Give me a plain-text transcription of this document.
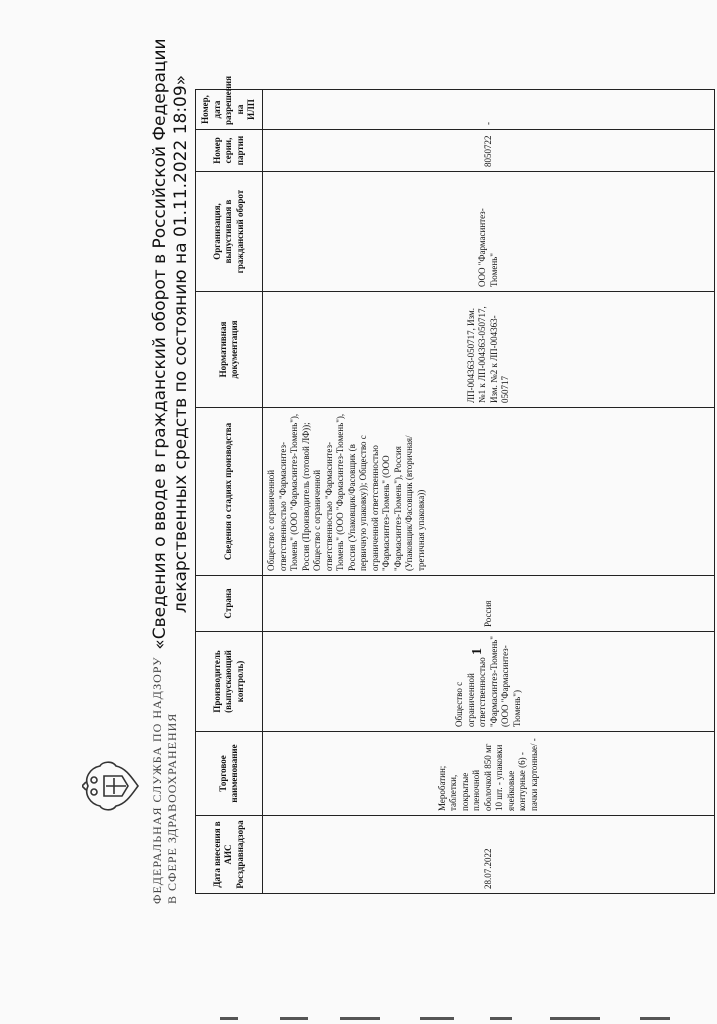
ФЕДЕРАЛЬНАЯ СЛУЖБА ПО НАДЗОРУ В СФЕРЕ ЗДРАВООХРАНЕНИЯ
«Сведения о вводе в гражданский оборот в Российской Федерации лекарственных средств по состоянию на 01.11.2022 18:09»
Дата внесения в АИС Росздравнадзора	Торговое наименование	Производитель (выпускающий контроль)	Страна	Сведения о стадиях производства	Нормативная документация	Организация, выпустившая в гражданский оборот	Номер серии, партии	Номер, дата разрешения на ИЛП
28.07.2022	Меробатин; таблетки, покрытые пленочной оболочкой 850 мг 10 шт. - упаковки ячейковые контурные (6) - пачки картонные/ -	Общество с ограниченной ответственностью "Фармасинтез-Тюмень" (ООО "Фармасинтез-Тюмень")	Россия	Общество с ограниченной ответственностью "Фармасинтез-Тюмень" (ООО "Фармасинтез-Тюмень"), Россия (Производитель (готовой ЛФ)); Общество с ограниченной ответственностью "Фармасинтез-Тюмень" (ООО "Фармасинтез-Тюмень"), Россия (Упаковщик/Фасовщик (в первичную упаковку)); Общество с ограниченной ответственностью "Фармасинтез-Тюмень" (ООО "Фармасинтез-Тюмень"), Россия (Упаковщик/Фасовщик (вторичная/третичная упаковка))	ЛП-004363-050717, Изм. №1 к ЛП-004363-050717, Изм. №2 к ЛП-004363-050717	ООО "Фармасинтез-Тюмень"	8050722	-
1
